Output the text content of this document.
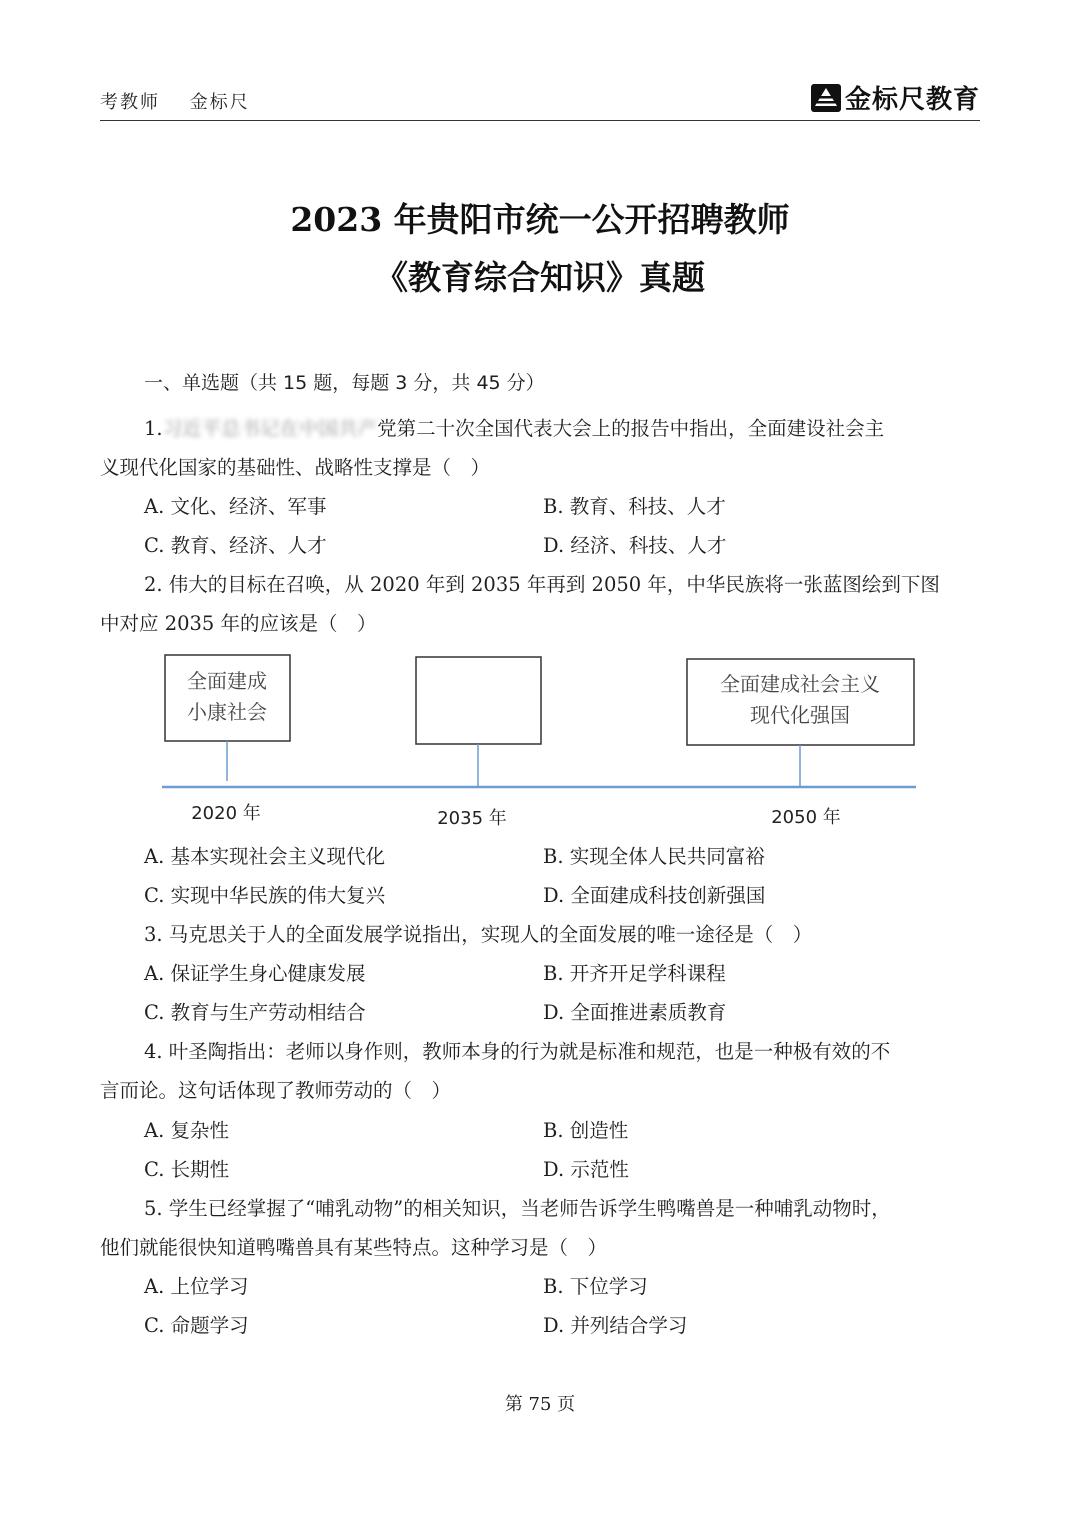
考教师 金标尺	金标尺教育
2023 年贵阳市统一公开招聘教师
《教育综合知识》真题
一、单选题（共 15 题，每题 3 分，共 45 分）
1.习近平总书记在中国共产党第二十次全国代表大会上的报告中指出，全面建设社会主
义现代化国家的基础性、战略性支撑是（　）
A. 文化、经济、军事	B. 教育、科技、人才
C. 教育、经济、人才	D. 经济、科技、人才
2. 伟大的目标在召唤，从 2020 年到 2035 年再到 2050 年，中华民族将一张蓝图绘到下图
中对应 2035 年的应该是（　）
全面建成
小康社会
全面建成社会主义
现代化强国
2020 年	2035 年	2050 年
A. 基本实现社会主义现代化	B. 实现全体人民共同富裕
C. 实现中华民族的伟大复兴	D. 全面建成科技创新强国
3. 马克思关于人的全面发展学说指出，实现人的全面发展的唯一途径是（　）
A. 保证学生身心健康发展	B. 开齐开足学科课程
C. 教育与生产劳动相结合	D. 全面推进素质教育
4. 叶圣陶指出：老师以身作则，教师本身的行为就是标准和规范，也是一种极有效的不
言而论。这句话体现了教师劳动的（　）
A. 复杂性	B. 创造性
C. 长期性	D. 示范性
5. 学生已经掌握了“哺乳动物”的相关知识，当老师告诉学生鸭嘴兽是一种哺乳动物时，
他们就能很快知道鸭嘴兽具有某些特点。这种学习是（　）
A. 上位学习	B. 下位学习
C. 命题学习	D. 并列结合学习
第 75 页
